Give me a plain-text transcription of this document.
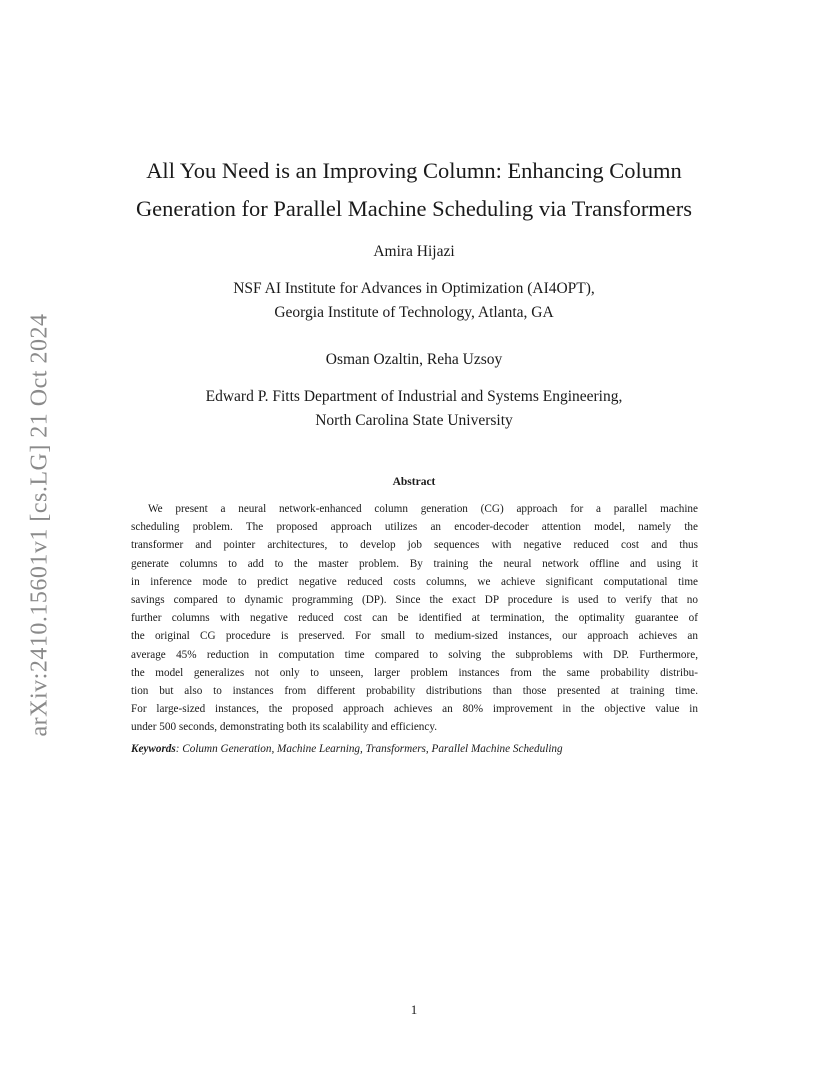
arXiv:2410.15601v1 [cs.LG] 21 Oct 2024
All You Need is an Improving Column: Enhancing Column
Generation for Parallel Machine Scheduling via Transformers
Amira Hijazi
NSF AI Institute for Advances in Optimization (AI4OPT),
Georgia Institute of Technology, Atlanta, GA
Osman Ozaltin, Reha Uzsoy
Edward P. Fitts Department of Industrial and Systems Engineering,
North Carolina State University
Abstract
We present a neural network-enhanced column generation (CG) approach for a parallel machine
scheduling problem. The proposed approach utilizes an encoder-decoder attention model, namely the
transformer and pointer architectures, to develop job sequences with negative reduced cost and thus
generate columns to add to the master problem. By training the neural network offline and using it
in inference mode to predict negative reduced costs columns, we achieve significant computational time
savings compared to dynamic programming (DP). Since the exact DP procedure is used to verify that no
further columns with negative reduced cost can be identified at termination, the optimality guarantee of
the original CG procedure is preserved. For small to medium-sized instances, our approach achieves an
average 45% reduction in computation time compared to solving the subproblems with DP. Furthermore,
the model generalizes not only to unseen, larger problem instances from the same probability distribu-
tion but also to instances from different probability distributions than those presented at training time.
For large-sized instances, the proposed approach achieves an 80% improvement in the objective value in
under 500 seconds, demonstrating both its scalability and efficiency.
Keywords: Column Generation, Machine Learning, Transformers, Parallel Machine Scheduling
1
